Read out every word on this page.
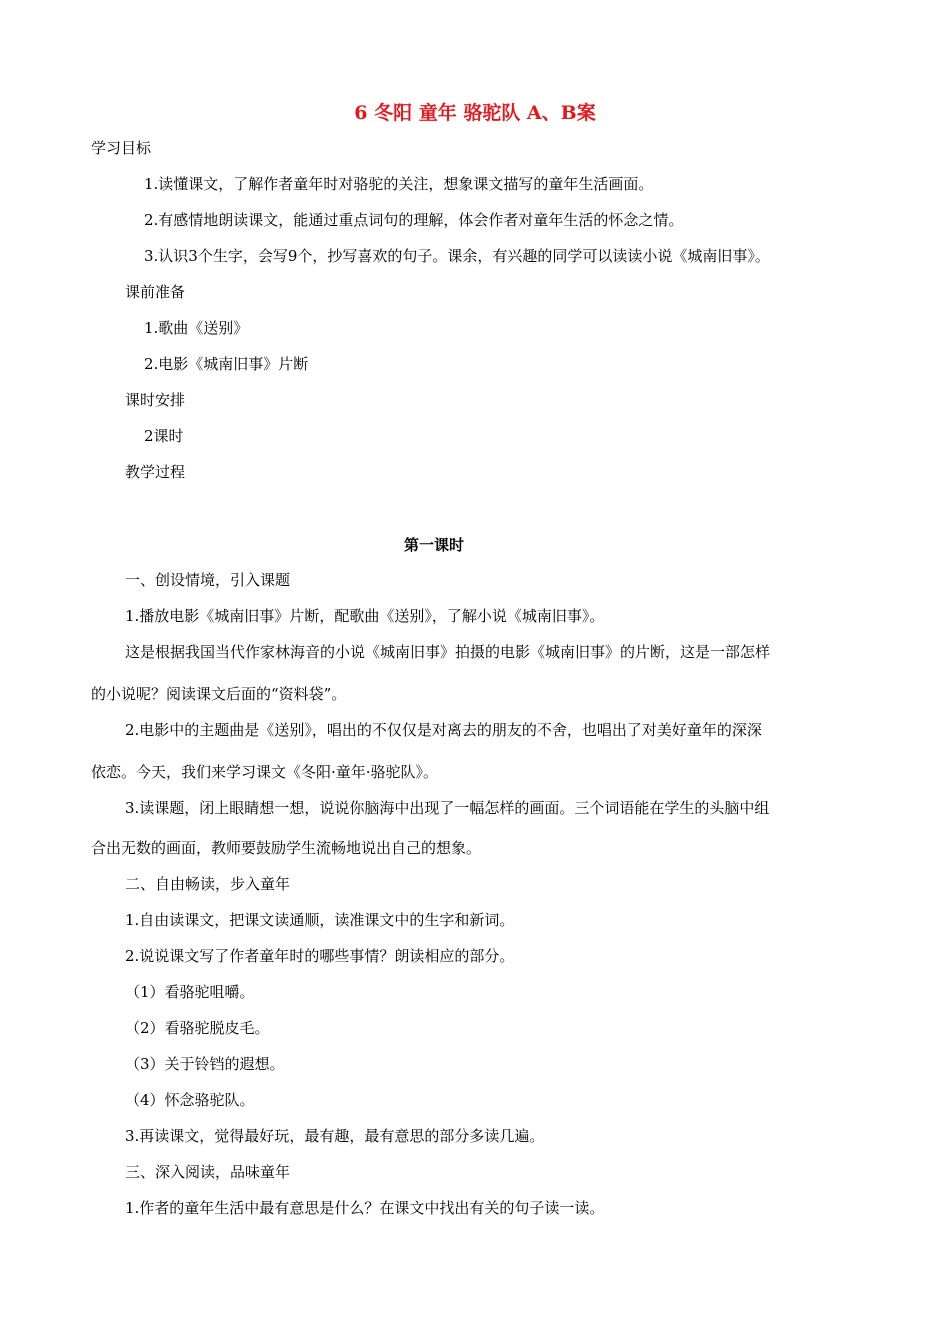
6 冬阳 童年 骆驼队 A、B案
学习目标
1.读懂课文，了解作者童年时对骆驼的关注，想象课文描写的童年生活画面。
2.有感情地朗读课文，能通过重点词句的理解，体会作者对童年生活的怀念之情。
3.认识3个生字，会写9个，抄写喜欢的句子。课余，有兴趣的同学可以读读小说《城南旧事》。
课前准备
1.歌曲《送别》
2.电影《城南旧事》片断
课时安排
2课时
教学过程
第一课时
一、创设情境，引入课题
1.播放电影《城南旧事》片断，配歌曲《送别》，了解小说《城南旧事》。
这是根据我国当代作家林海音的小说《城南旧事》拍摄的电影《城南旧事》的片断，这是一部怎样
的小说呢？阅读课文后面的“资料袋”。
2.电影中的主题曲是《送别》，唱出的不仅仅是对离去的朋友的不舍，也唱出了对美好童年的深深
依恋。今天，我们来学习课文《冬阳·童年·骆驼队》。
3.读课题，闭上眼睛想一想，说说你脑海中出现了一幅怎样的画面。三个词语能在学生的头脑中组
合出无数的画面，教师要鼓励学生流畅地说出自己的想象。
二、自由畅读，步入童年
1.自由读课文，把课文读通顺，读准课文中的生字和新词。
2.说说课文写了作者童年时的哪些事情？朗读相应的部分。
（1）看骆驼咀嚼。
（2）看骆驼脱皮毛。
（3）关于铃铛的遐想。
（4）怀念骆驼队。
3.再读课文，觉得最好玩，最有趣，最有意思的部分多读几遍。
三、深入阅读，品味童年
1.作者的童年生活中最有意思是什么？在课文中找出有关的句子读一读。
